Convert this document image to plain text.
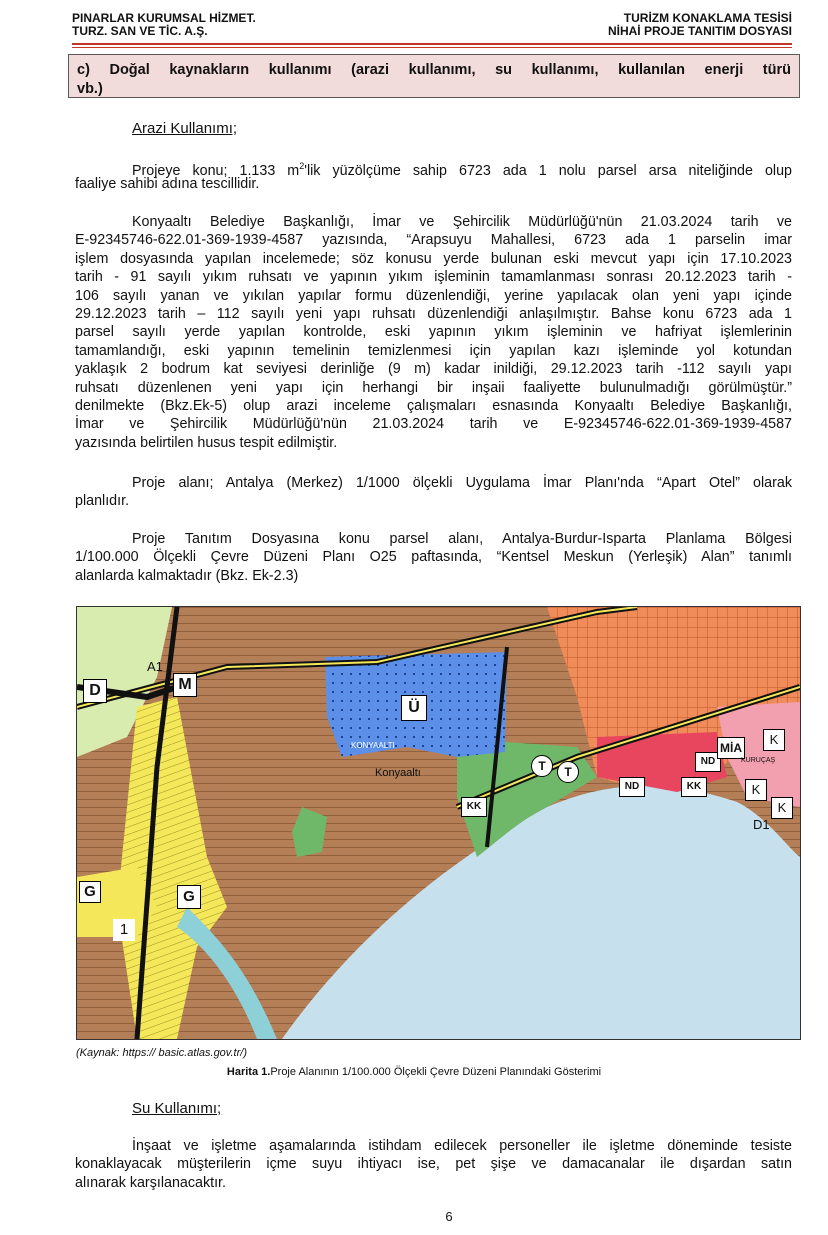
PINARLAR KURUMSAL HİZMET.
TURZ. SAN VE TİC. A.Ş.
TURİZM KONAKLAMA TESİSİ
NİHAİ PROJE TANITIM DOSYASI
c) Doğal kaynakların kullanımı (arazi kullanımı, su kullanımı, kullanılan enerji türü
vb.)
Arazi Kullanımı;
Projeye konu; 1.133 $m^2'lik$ yüzölçüme sahip 6723 ada 1 nolu parsel arsa niteliğinde olup
faaliye sahibi adına tescillidir.
Konyaaltı Belediye Başkanlığı, İmar ve Şehircilik Müdürlüğü'nün 21.03.2024 tarih ve
E-92345746-622.01-369-1939-4587 yazısında, “Arapsuyu Mahallesi, 6723 ada 1 parselin imar
işlem dosyasında yapılan incelemede; söz konusu yerde bulunan eski mevcut yapı için 17.10.2023
tarih - 91 sayılı yıkım ruhsatı ve yapının yıkım işleminin tamamlanması sonrası 20.12.2023 tarih -
106 sayılı yanan ve yıkılan yapılar formu düzenlendiği, yerine yapılacak olan yeni yapı içinde
29.12.2023 tarih – 112 sayılı yeni yapı ruhsatı düzenlendiği anlaşılmıştır. Bahse konu 6723 ada 1
parsel sayılı yerde yapılan kontrolde, eski yapının yıkım işleminin ve hafriyat işlemlerinin
tamamlandığı, eski yapının temelinin temizlenmesi için yapılan kazı işleminde yol kotundan
yaklaşık 2 bodrum kat seviyesi derinliğe (9 m) kadar inildiği, 29.12.2023 tarih -112 sayılı yapı
ruhsatı düzenlenen yeni yapı için herhangi bir inşaii faaliyette bulunulmadığı görülmüştür.”
denilmekte (Bkz.Ek-5) olup arazi inceleme çalışmaları esnasında Konyaaltı Belediye Başkanlığı,
İmar ve Şehircilik Müdürlüğü'nün 21.03.2024 tarih ve E-92345746-622.01-369-1939-4587
yazısında belirtilen husus tespit edilmiştir.
Proje alanı; Antalya (Merkez) 1/1000 ölçekli Uygulama İmar Planı'nda “Apart Otel” olarak
planlıdır.
Proje Tanıtım Dosyasına konu parsel alanı, Antalya-Burdur-Isparta Planlama Bölgesi
1/100.000 Ölçekli Çevre Düzeni Planı O25 paftasında, “Kentsel Meskun (Yerleşik) Alan” tanımlı
alanlarda kalmaktadır (Bkz. Ek-2.3)
D	M
A1
Ü
KONYAALTI
Konyaaltı	T	T
KK
ND	KK
ND
MİA
KURUÇAŞ
K
K
K
D1
G	G
1
(Kaynak: https:// basic.atlas.gov.tr/)
Harita 1.Proje Alanının 1/100.000 Ölçekli Çevre Düzeni Planındaki Gösterimi
Su Kullanımı;
İnşaat ve işletme aşamalarında istihdam edilecek personeller ile işletme döneminde tesiste
konaklayacak müşterilerin içme suyu ihtiyacı ise, pet şişe ve damacanalar ile dışardan satın
alınarak karşılanacaktır.
6
